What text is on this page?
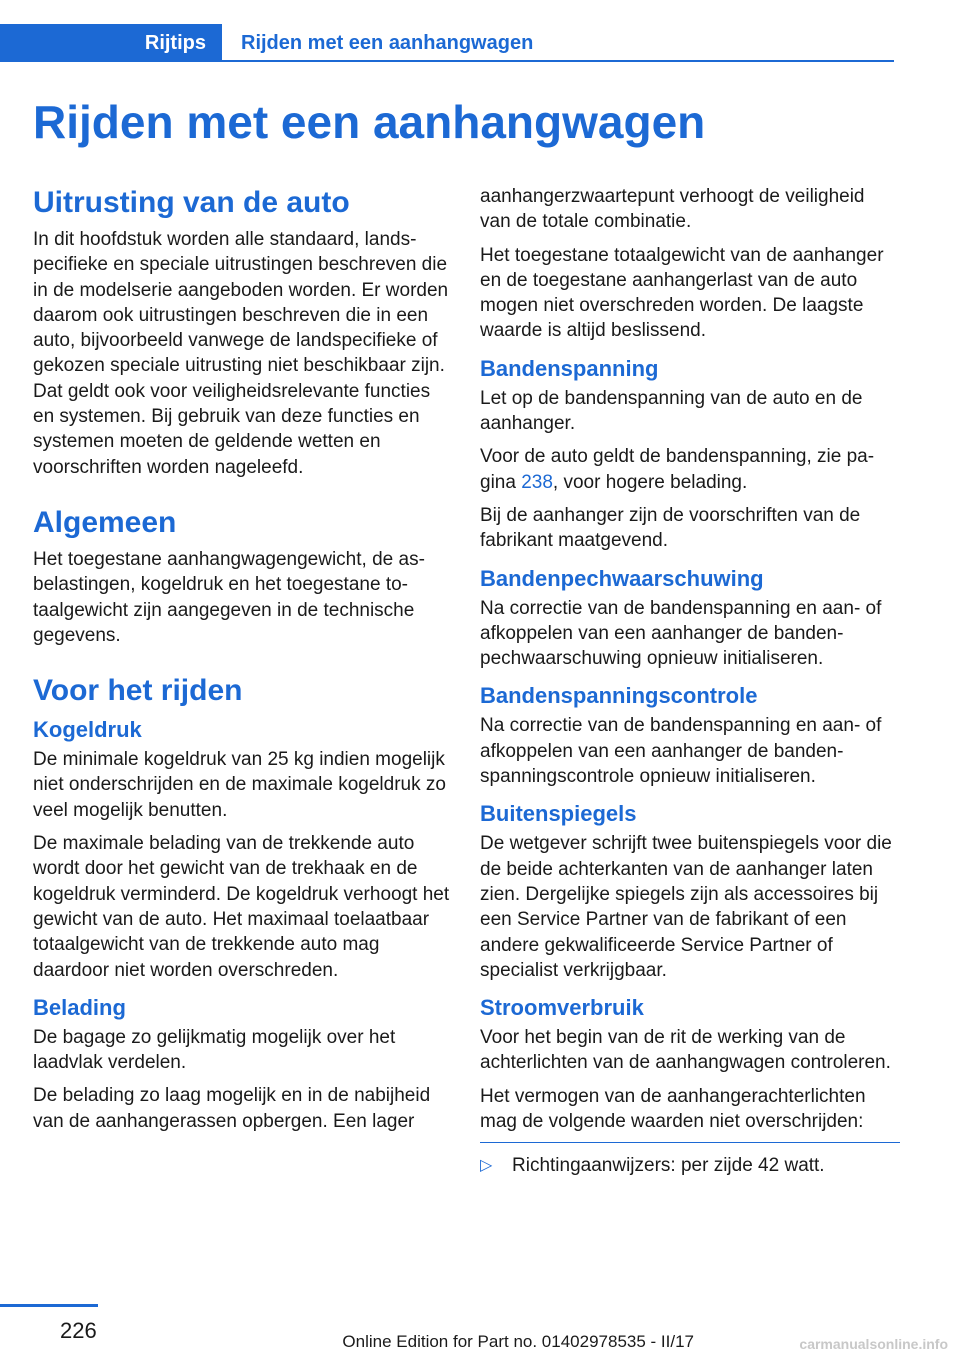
Rijtips Rijden met een aanhangwagen
Rijden met een aanhangwagen
Uitrusting van de auto

In dit hoofdstuk worden alle standaard, landspecifieke en speciale uitrustingen beschreven die in de modelserie aangeboden worden. Er worden daarom ook uitrustingen beschreven die in een auto, bijvoorbeeld vanwege de landspecifieke of gekozen speciale uitrusting niet beschikbaar zijn. Dat geldt ook voor veiligheidsrelevante functies en systemen. Bij gebruik van deze functies en systemen moeten de geldende wetten en voorschriften worden nageleefd.

Algemeen

Het toegestane aanhangwagengewicht, de asbelastingen, kogeldruk en het toegestane totaalgewicht zijn aangegeven in de technische gegevens.

Voor het rijden
Kogeldruk

De minimale kogeldruk van 25 kg indien mogelijk niet onderschrijden en de maximale kogeldruk zo veel mogelijk benutten.

De maximale belading van de trekkende auto wordt door het gewicht van de trekhaak en de kogeldruk verminderd. De kogeldruk verhoogt het gewicht van de auto. Het maximaal toelaatbaar totaalgewicht van de trekkende auto mag daardoor niet worden overschreden.

Belading

De bagage zo gelijkmatig mogelijk over het laadvlak verdelen.

De belading zo laag mogelijk en in de nabijheid van de aanhangerassen opbergen. Een lager

aanhangerzwaartepunt verhoogt de veiligheid van de totale combinatie.

Het toegestane totaalgewicht van de aanhanger en de toegestane aanhangerlast van de auto mogen niet overschreden worden. De laagste waarde is altijd beslissend.

Bandenspanning

Let op de bandenspanning van de auto en de aanhanger.

Voor de auto geldt de bandenspanning, zie pagina 238, voor hogere belading.

Bij de aanhanger zijn de voorschriften van de fabrikant maatgevend.

Bandenpechwaarschuwing

Na correctie van de bandenspanning en aan- of afkoppelen van een aanhanger de bandenpechwaarschuwing opnieuw initialiseren.

Bandenspanningscontrole

Na correctie van de bandenspanning en aan- of afkoppelen van een aanhanger de bandenspanningscontrole opnieuw initialiseren.

Buitenspiegels

De wetgever schrijft twee buitenspiegels voor die de beide achterkanten van de aanhanger laten zien. Dergelijke spiegels zijn als accessoires bij een Service Partner van de fabrikant of een andere gekwalificeerde Service Partner of specialist verkrijgbaar.

Stroomverbruik

Voor het begin van de rit de werking van de achterlichten van de aanhangwagen controleren.

Het vermogen van de aanhangerachterlichten mag de volgende waarden niet overschrijden:

▷	Richtingaanwijzers: per zijde 42 watt.
226	Online Edition for Part no. 01402978535 - II/17	carmanualsonline.info
